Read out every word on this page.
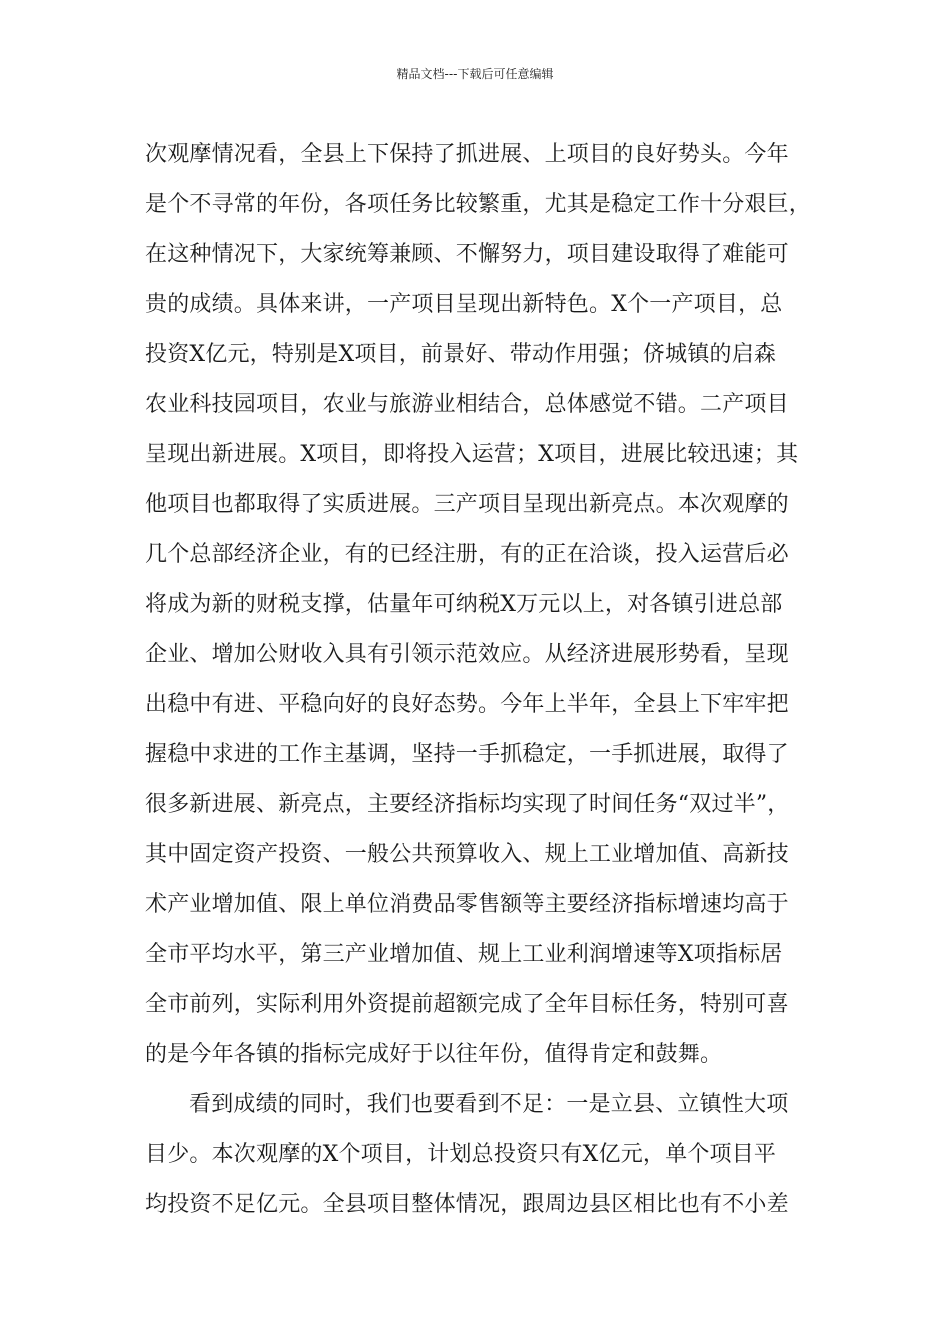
精品文档---下载后可任意编辑
次观摩情况看，全县上下保持了抓进展、上项目的良好势头。今年
是个不寻常的年份，各项任务比较繁重，尤其是稳定工作十分艰巨，
在这种情况下，大家统筹兼顾、不懈努力，项目建设取得了难能可
贵的成绩。具体来讲，一产项目呈现出新特色。X个一产项目，总
投资X亿元，特别是X项目，前景好、带动作用强；侪城镇的启森
农业科技园项目，农业与旅游业相结合，总体感觉不错。二产项目
呈现出新进展。X项目，即将投入运营；X项目，进展比较迅速；其
他项目也都取得了实质进展。三产项目呈现出新亮点。本次观摩的
几个总部经济企业，有的已经注册，有的正在洽谈，投入运营后必
将成为新的财税支撑，估量年可纳税X万元以上，对各镇引进总部
企业、增加公财收入具有引领示范效应。从经济进展形势看，呈现
出稳中有进、平稳向好的良好态势。今年上半年，全县上下牢牢把
握稳中求进的工作主基调，坚持一手抓稳定，一手抓进展，取得了
很多新进展、新亮点，主要经济指标均实现了时间任务“双过半”，
其中固定资产投资、一般公共预算收入、规上工业增加值、高新技
术产业增加值、限上单位消费品零售额等主要经济指标增速均高于
全市平均水平，第三产业增加值、规上工业利润增速等X项指标居
全市前列，实际利用外资提前超额完成了全年目标任务，特别可喜
的是今年各镇的指标完成好于以往年份，值得肯定和鼓舞。
看到成绩的同时，我们也要看到不足：一是立县、立镇性大项
目少。本次观摩的X个项目，计划总投资只有X亿元，单个项目平
均投资不足亿元。全县项目整体情况，跟周边县区相比也有不小差
